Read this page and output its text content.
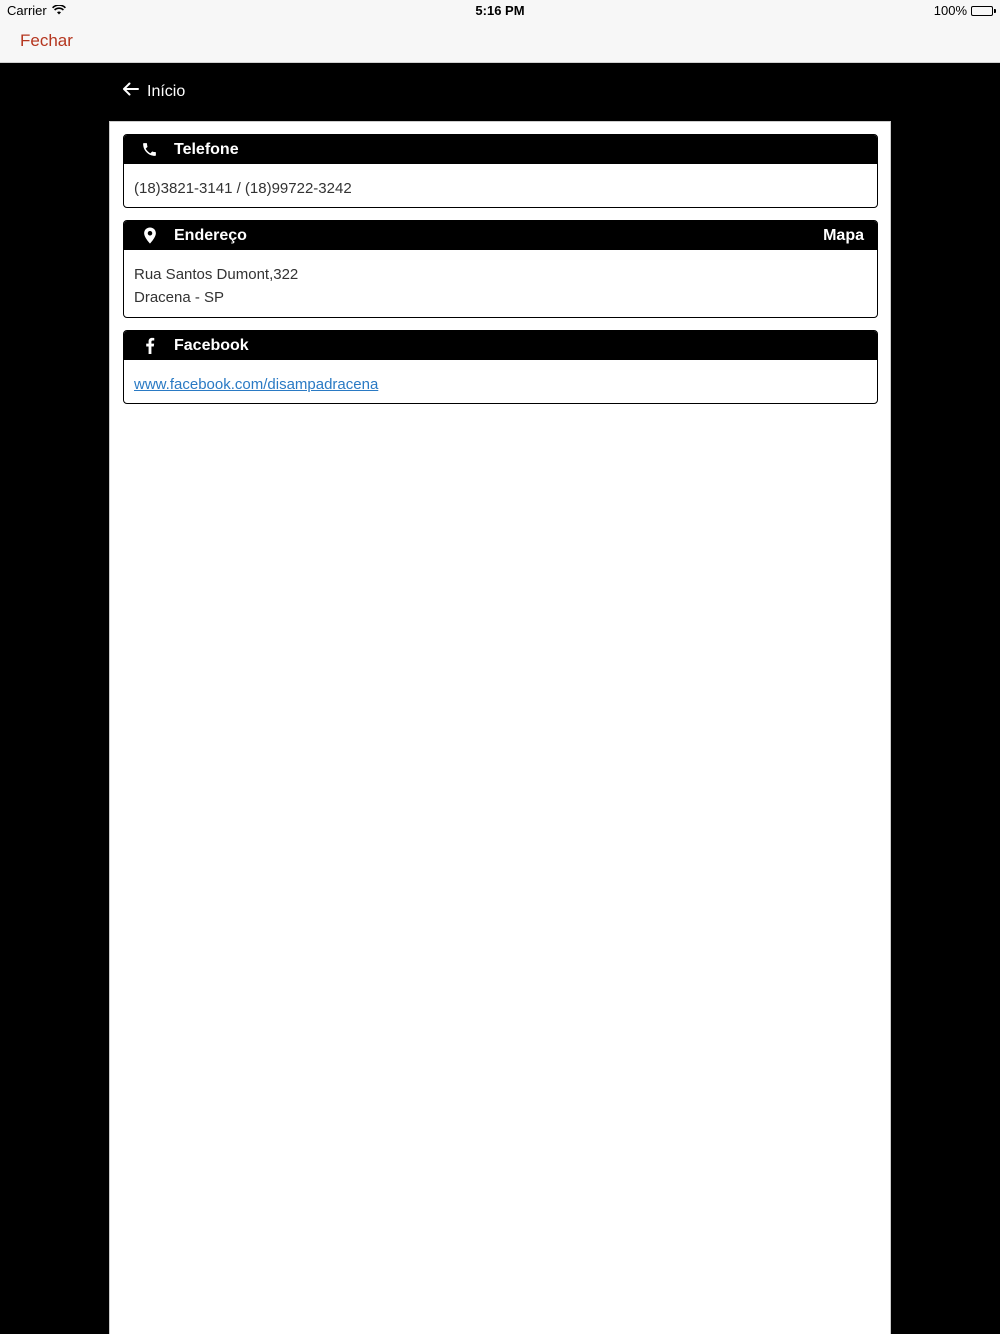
Carrier	5:16 PM	100%
Fechar
Início
Telefone
(18)3821-3141 / (18)99722-3242
Endereço	Mapa
Rua Santos Dumont,322
Dracena - SP
Facebook
www.facebook.com/disampadracena
